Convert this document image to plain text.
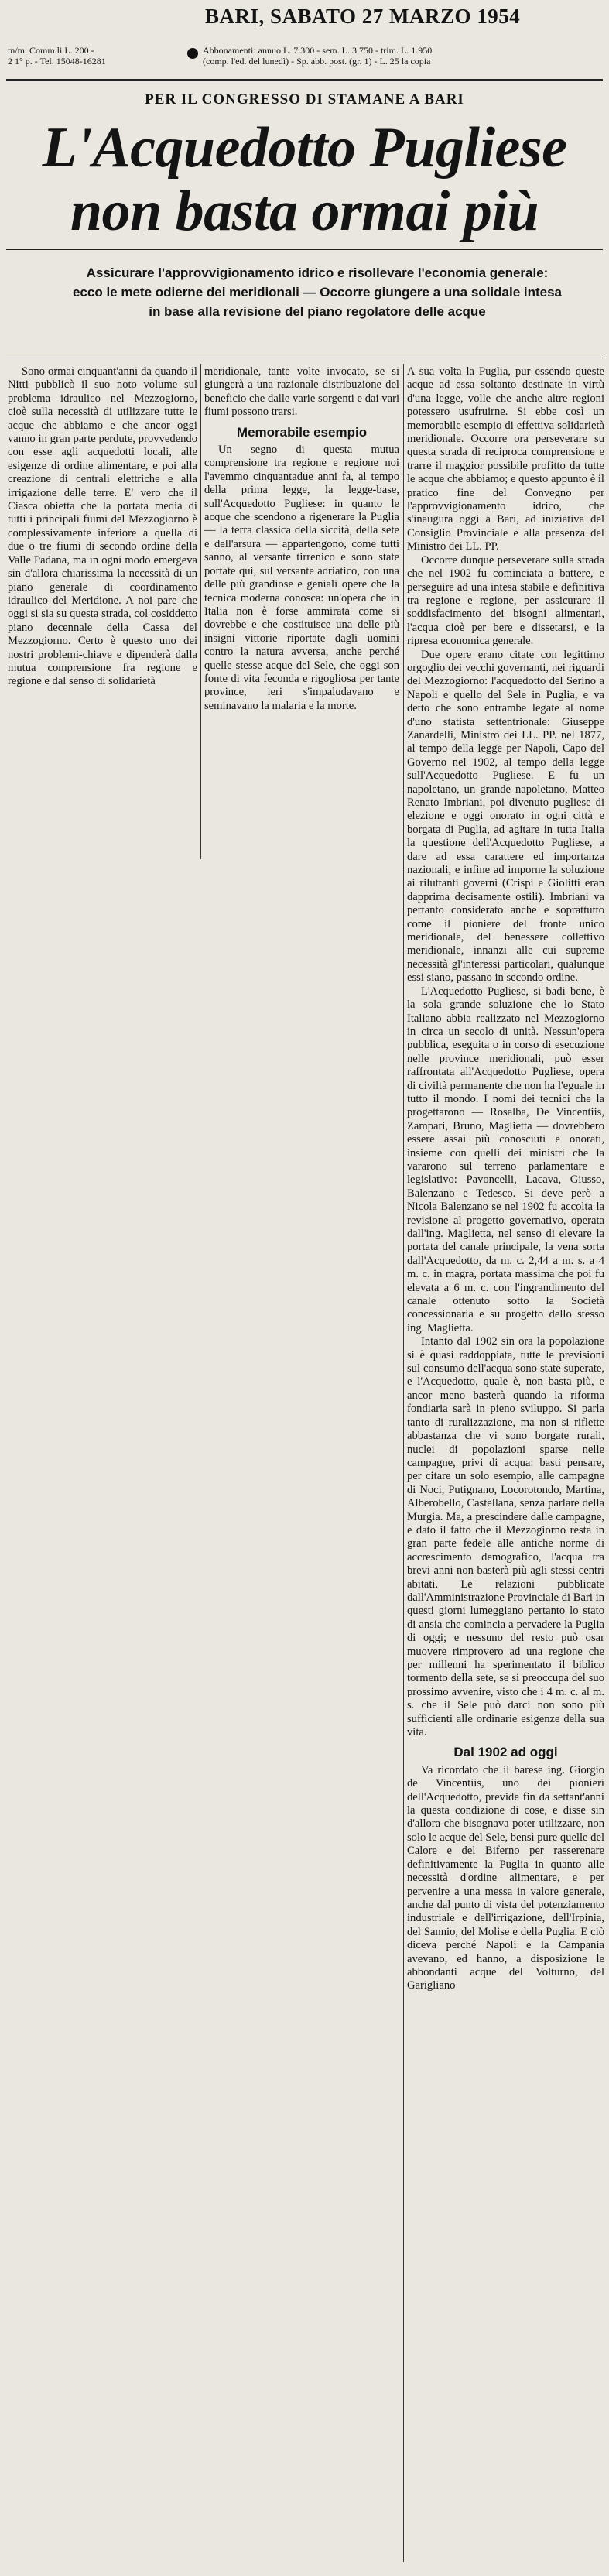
BARI, SABATO 27 MARZO 1954
m/m. Comm.li L. 200 -
2 1° p. - Tel. 15048-16281
Abbonamenti: annuo L. 7.300 - sem. L. 3.750 - trim. L. 1.950
(comp. l'ed. del lunedì) - Sp. abb. post. (gr. 1) - L. 25 la copia
PER IL CONGRESSO DI STAMANE A BARI
L'Acquedotto Pugliese
non basta ormai più
Assicurare l'approvvigionamento idrico e risollevare l'economia generale: ecco le mete odierne dei meridionali — Occorre giungere a una solidale intesa in base alla revisione del piano regolatore delle acque

Sono ormai cinquant'anni da quando il Nitti pubblicò il suo noto volume sul problema idraulico nel Mezzogiorno, cioè sulla necessità di utilizzare tutte le acque che abbiamo e che ancor oggi vanno in gran parte perdute, provvedendo con esse agli acquedotti locali, alle esigenze di ordine alimentare, e poi alla creazione di centrali elettriche e alla irrigazione delle terre. E' vero che il Ciasca obietta che la portata media di tutti i principali fiumi del Mezzogiorno è complessivamente inferiore a quella di due o tre fiumi di secondo ordine della Valle Padana, ma in ogni modo emergeva sin d'allora chiarissima la necessità di un piano generale di coordinamento idraulico del Meridione. A noi pare che oggi si sia su questa strada, col cosiddetto piano decennale della Cassa del Mezzogiorno. Certo è questo uno dei nostri problemi-chiave e dipenderà dalla mutua comprensione fra regione e regione e dal senso di solidarietà

meridionale, tante volte invocato, se si giungerà a una razionale distribuzione del beneficio che dalle varie sorgenti e dai vari fiumi possono trarsi.

Memorabile esempio

Un segno di questa mutua comprensione tra regione e regione noi l'avemmo cinquantadue anni fa, al tempo della prima legge, la legge-base, sull'Acquedotto Pugliese: in quanto le acque che scendono a rigenerare la Puglia — la terra classica della siccità, della sete e dell'arsura — appartengono, come tutti sanno, al versante tirrenico e sono state portate qui, sul versante adriatico, con una delle più grandiose e geniali opere che la tecnica moderna conosca: un'opera che in Italia non è forse ammirata come si dovrebbe e che costituisce una delle più insigni vittorie riportate dagli uomini contro la natura avversa, anche perché quelle stesse acque del Sele, che oggi son fonte di vita feconda e rigogliosa per tante province, ieri s'impaludavano e seminavano la malaria e la morte.

A sua volta la Puglia, pur essendo queste acque ad essa soltanto destinate in virtù d'una legge, volle che anche altre regioni potessero usufruirne. Si ebbe così un memorabile esempio di effettiva solidarietà meridionale. Occorre ora perseverare su questa strada di reciproca comprensione e trarre il maggior possibile profitto da tutte le acque che abbiamo; e questo appunto è il pratico fine del Convegno per l'approvvigionamento idrico, che s'inaugura oggi a Bari, ad iniziativa del Consiglio Provinciale e alla presenza del Ministro dei LL. PP.

Occorre dunque perseverare sulla strada che nel 1902 fu cominciata a battere, e perseguire ad una intesa stabile e definitiva tra regione e regione, per assicurare il soddisfacimento dei bisogni alimentari, l'acqua cioè per bere e dissetarsi, e la ripresa economica generale.

Due opere erano citate con legittimo orgoglio dei vecchi governanti, nei riguardi del Mezzogiorno: l'acquedotto del Serino a Napoli e quello del Sele in Puglia, e va detto che sono entrambe legate al nome d'uno statista settentrionale: Giuseppe Zanardelli, Ministro dei LL. PP. nel 1877, al tempo della legge per Napoli, Capo del Governo nel 1902, al tempo della legge sull'Acquedotto Pugliese. E fu un napoletano, un grande napoletano, Matteo Renato Imbriani, poi divenuto pugliese di elezione e oggi onorato in ogni città e borgata di Puglia, ad agitare in tutta Italia la questione dell'Acquedotto Pugliese, a dare ad essa carattere ed importanza nazionali, e infine ad imporne la soluzione ai riluttanti governi (Crispi e Giolitti eran dapprima decisamente ostili). Imbriani va pertanto considerato anche e soprattutto come il pioniere del fronte unico meridionale, del benessere collettivo meridionale, innanzi alle cui supreme necessità gl'interessi particolari, qualunque essi siano, passano in secondo ordine.

L'Acquedotto Pugliese, si badi bene, è la sola grande soluzione che lo Stato Italiano abbia realizzato nel Mezzogiorno in circa un secolo di unità. Nessun'opera pubblica, eseguita o in corso di esecuzione nelle province meridionali, può esser raffrontata all'Acquedotto Pugliese, opera di civiltà permanente che non ha l'eguale in tutto il mondo. I nomi dei tecnici che la progettarono — Rosalba, De Vincentiis, Zampari, Bruno, Maglietta — dovrebbero essere assai più conosciuti e onorati, insieme con quelli dei ministri che la vararono sul terreno parlamentare e legislativo: Pavoncelli, Lacava, Giusso, Balenzano e Tedesco. Si deve però a Nicola Balenzano se nel 1902 fu accolta la revisione al progetto governativo, operata dall'ing. Maglietta, nel senso di elevare la portata del canale principale, la vena sorta dall'Acquedotto, da m. c. 2,44 a m. s. a 4 m. c. in magra, portata massima che poi fu elevata a 6 m. c. con l'ingrandimento del canale ottenuto sotto la Società concessionaria e su progetto dello stesso ing. Maglietta.

Intanto dal 1902 sin ora la popolazione si è quasi raddoppiata, tutte le previsioni sul consumo dell'acqua sono state superate, e l'Acquedotto, quale è, non basta più, e ancor meno basterà quando la riforma fondiaria sarà in pieno sviluppo. Si parla tanto di ruralizzazione, ma non si riflette abbastanza che vi sono borgate rurali, nuclei di popolazioni sparse nelle campagne, privi di acqua: basti pensare, per citare un solo esempio, alle campagne di Noci, Putignano, Locorotondo, Martina, Alberobello, Castellana, senza parlare della Murgia. Ma, a prescindere dalle campagne, e dato il fatto che il Mezzogiorno resta in gran parte fedele alle antiche norme di accrescimento demografico, l'acqua tra brevi anni non basterà più agli stessi centri abitati. Le relazioni pubblicate dall'Amministrazione Provinciale di Bari in questi giorni lumeggiano pertanto lo stato di ansia che comincia a pervadere la Puglia di oggi; e nessuno del resto può osar muovere rimprovero ad una regione che per millenni ha sperimentato il biblico tormento della sete, se si preoccupa del suo prossimo avvenire, visto che i 4 m. c. al m. s. che il Sele può darci non sono più sufficienti alle ordinarie esigenze della sua vita.

Dal 1902 ad oggi

Va ricordato che il barese ing. Giorgio de Vincentiis, uno dei pionieri dell'Acquedotto, previde fin da settant'anni la questa condizione di cose, e disse sin d'allora che bisognava poter utilizzare, non solo le acque del Sele, bensì pure quelle del Calore e del Biferno per rasserenare definitivamente la Puglia in quanto alle necessità d'ordine alimentare, e per pervenire a una messa in valore generale, anche dal punto di vista del potenziamento industriale e dell'irrigazione, dell'Irpinia, del Sannio, del Molise e della Puglia. E ciò diceva perché Napoli e la Campania avevano, ed hanno, a disposizione le abbondanti acque del Volturno, del Garigliano
